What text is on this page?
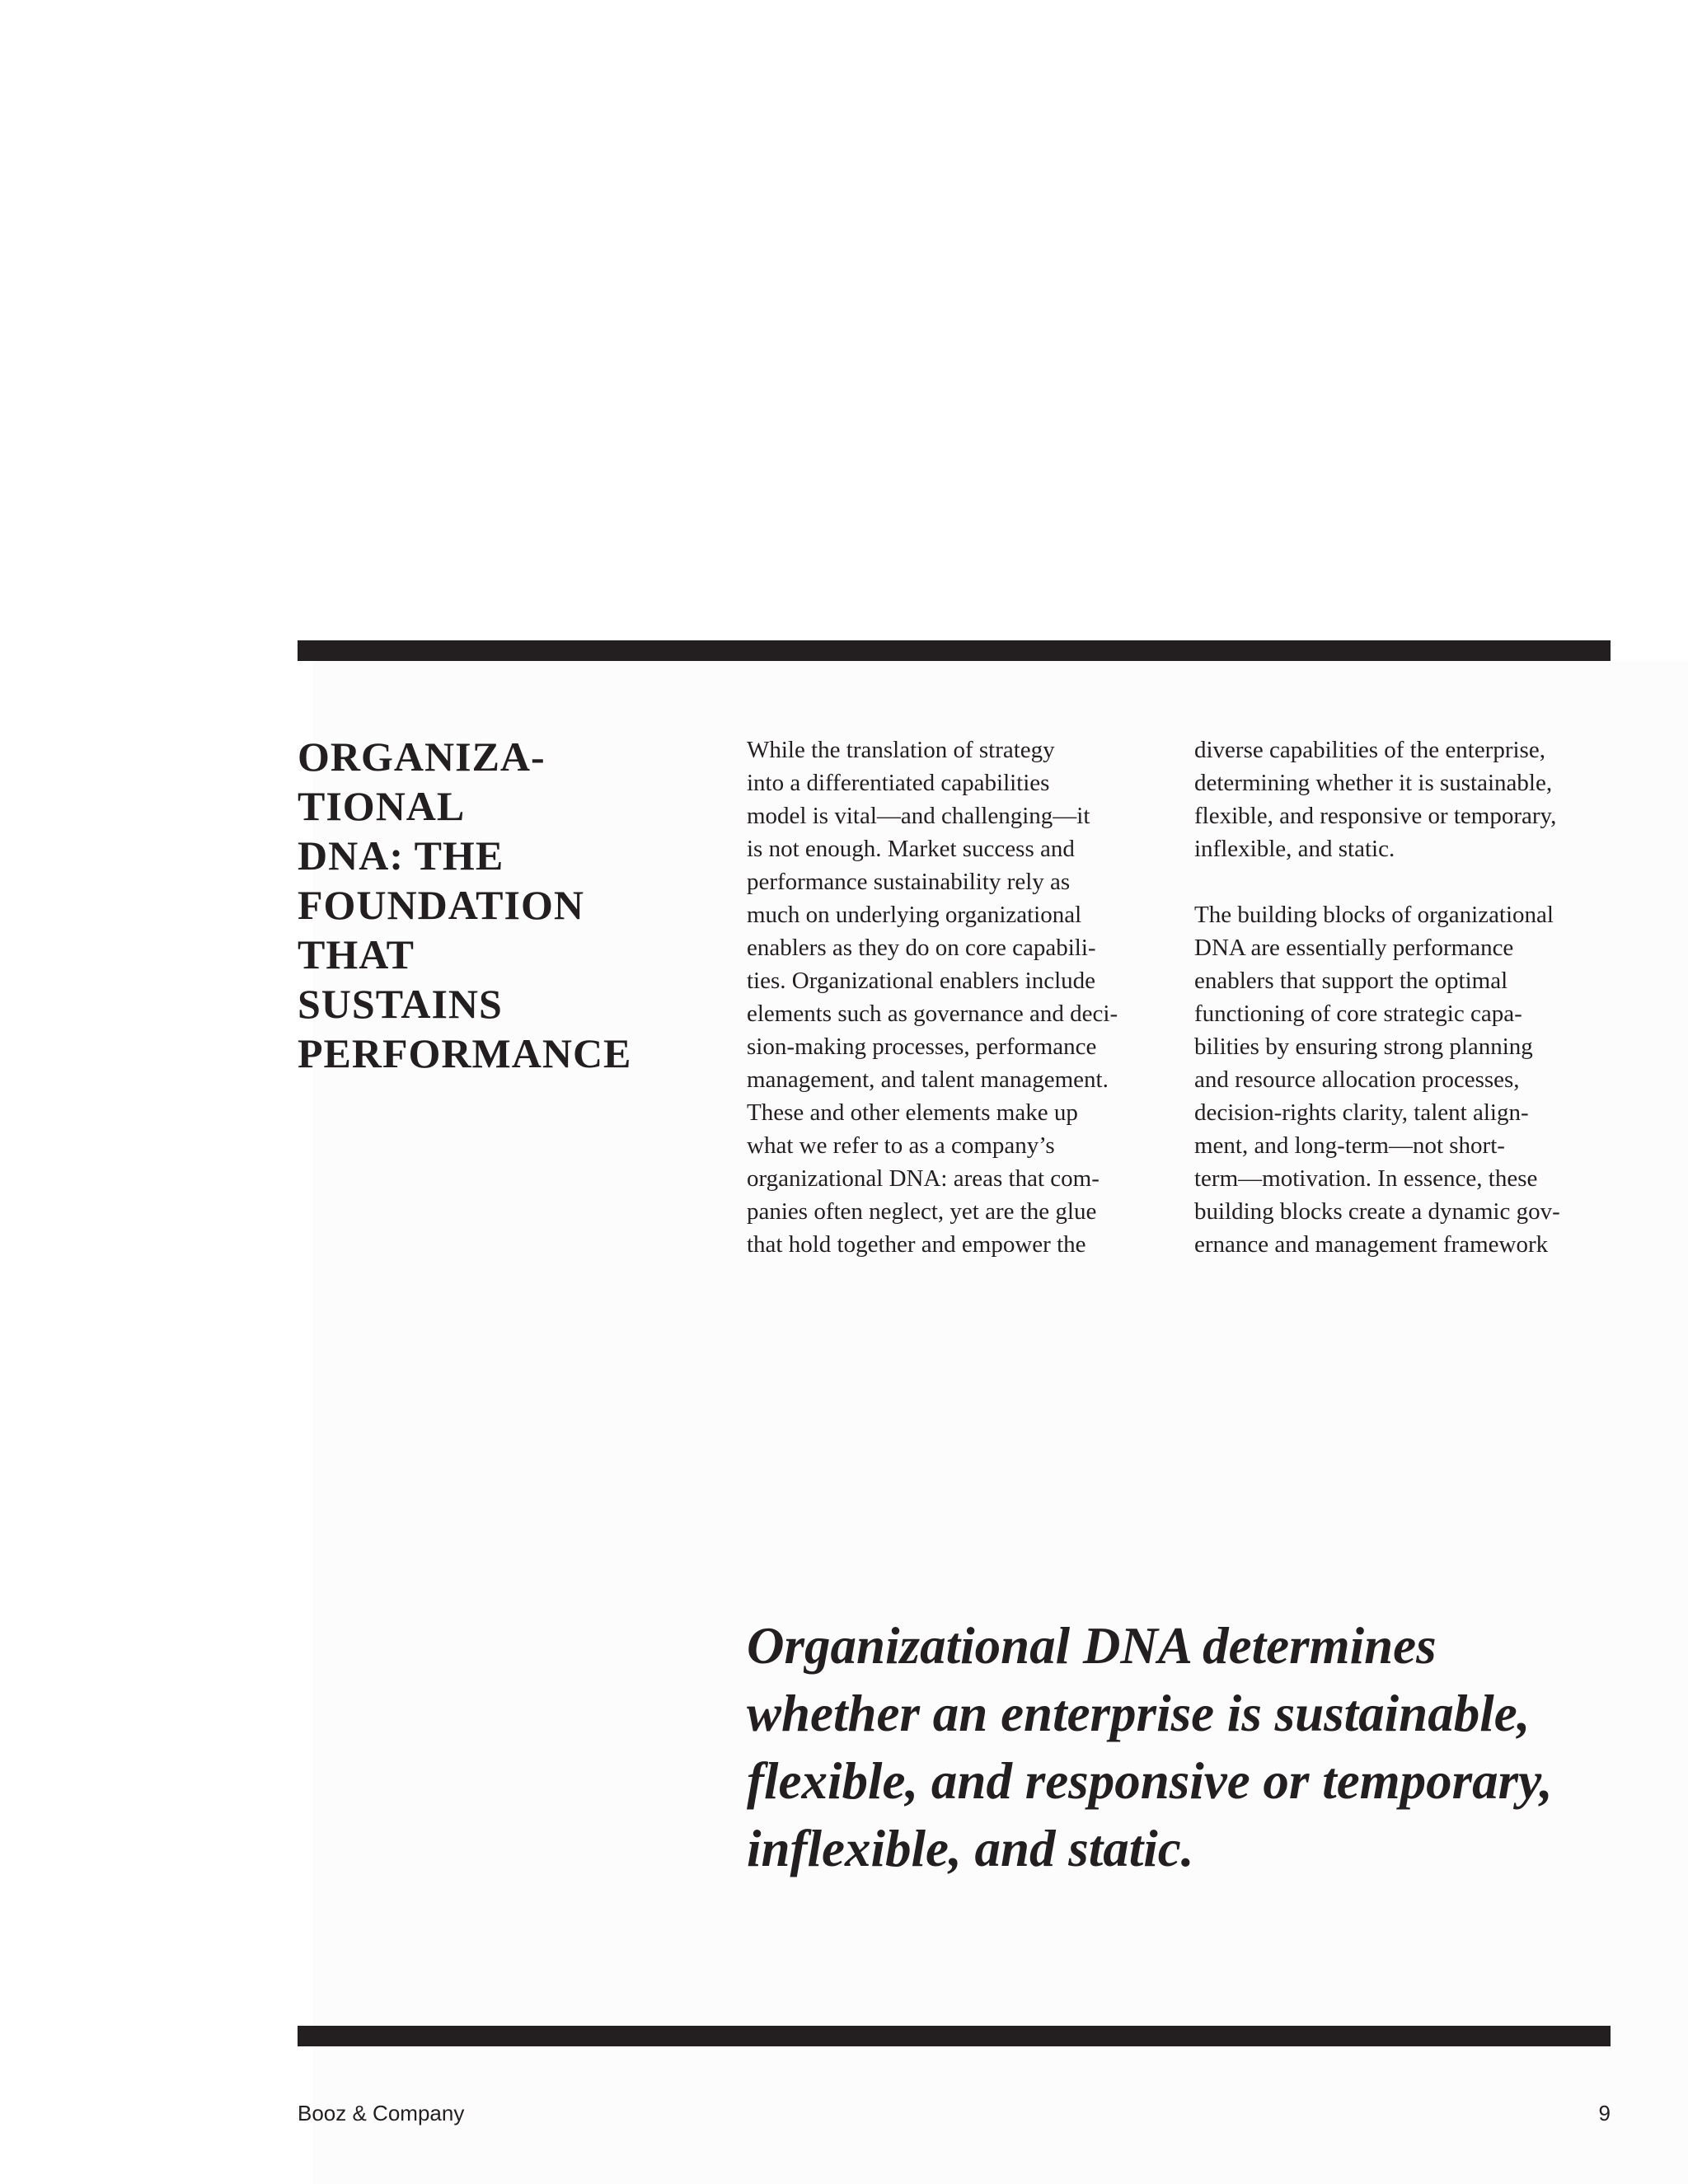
ORGANIZA-
TIONAL
DNA: THE
FOUNDATION
THAT
SUSTAINS
PERFORMANCE
While the translation of strategy
into a differentiated capabilities
model is vital—and challenging—it
is not enough. Market success and
performance sustainability rely as
much on underlying organizational
enablers as they do on core capabili-
ties. Organizational enablers include
elements such as governance and deci-
sion-making processes, performance
management, and talent management.
These and other elements make up
what we refer to as a company’s
organizational DNA: areas that com-
panies often neglect, yet are the glue
that hold together and empower the
diverse capabilities of the enterprise,
determining whether it is sustainable,
flexible, and responsive or temporary,
inflexible, and static.
The building blocks of organizational
DNA are essentially performance
enablers that support the optimal
functioning of core strategic capa-
bilities by ensuring strong planning
and resource allocation processes,
decision-rights clarity, talent align-
ment, and long-term—not short-
term—motivation. In essence, these
building blocks create a dynamic gov-
ernance and management framework
Organizational DNA determines
whether an enterprise is sustainable,
flexible, and responsive or temporary,
inflexible, and static.
Booz & Company	9
